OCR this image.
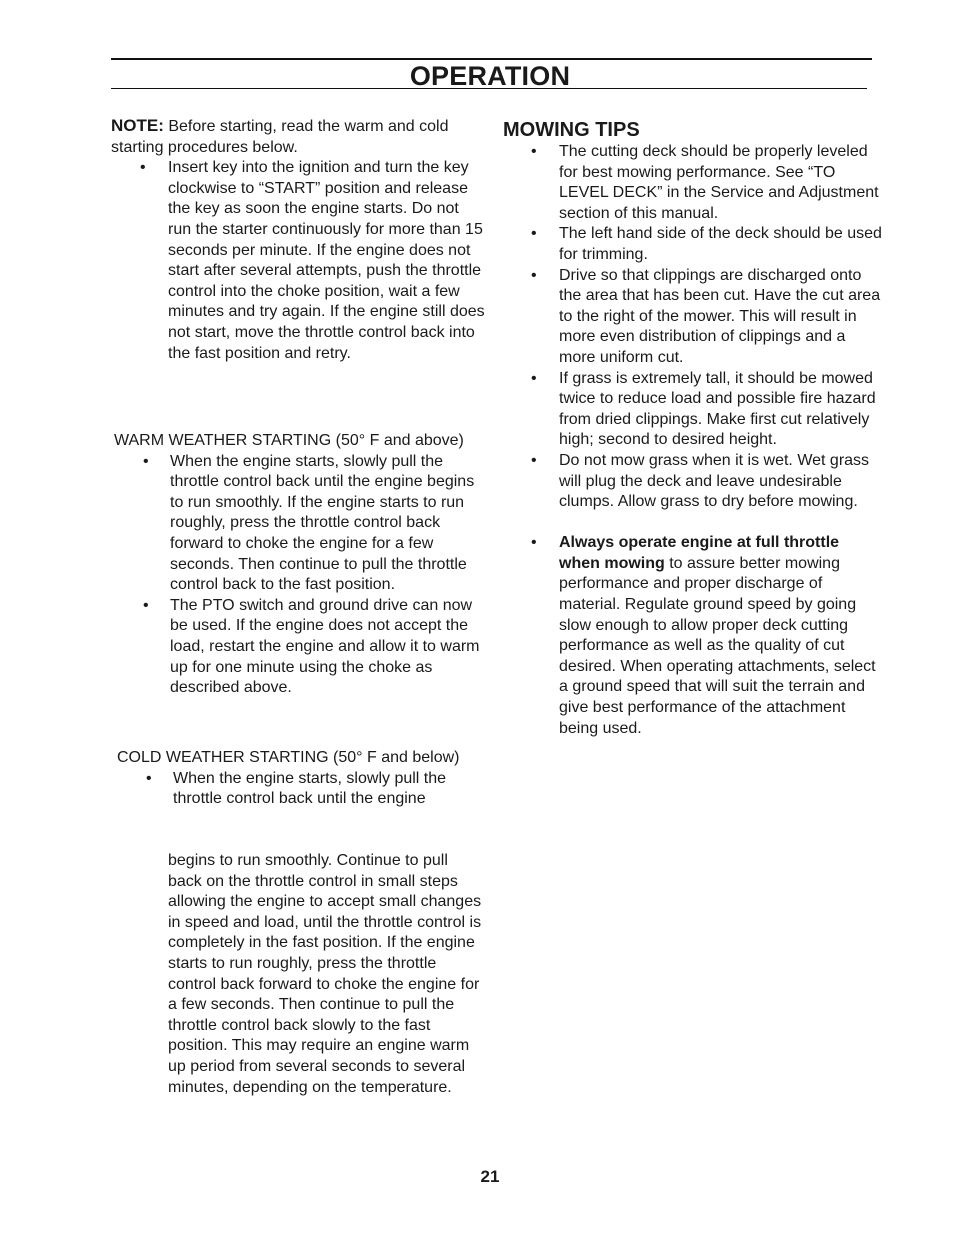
OPERATION

NOTE: Before starting, read the warm and cold starting procedures below.

• Insert key into the ignition and turn the key clockwise to “START” position and release the key as soon the engine starts. Do not run the starter continuously for more than 15 seconds per minute. If the engine does not start after several attempts, push the throttle control into the choke position, wait a few minutes and try again. If the engine still does not start, move the throttle control back into the fast position and retry.

WARM WEATHER STARTING (50° F and above)

• When the engine starts, slowly pull the throttle control back until the engine begins to run smoothly. If the engine starts to run roughly, press the throttle control back forward to choke the engine for a few seconds. Then continue to pull the throttle control back to the fast position.
• The PTO switch and ground drive can now be used. If the engine does not accept the load, restart the engine and allow it to warm up for one minute using the choke as described above.

COLD WEATHER STARTING (50° F and below)

• When the engine starts, slowly pull the throttle control back until the engine

begins to run smoothly. Continue to pull back on the throttle control in small steps allowing the engine to accept small changes in speed and load, until the throttle control is completely in the fast position. If the engine starts to run roughly, press the throttle control back forward to choke the engine for a few seconds. Then continue to pull the throttle control back slowly to the fast position. This may require an engine warm up period from several seconds to several minutes, depending on the temperature.

MOWING TIPS

• The cutting deck should be properly leveled for best mowing performance. See “TO LEVEL DECK” in the Service and Adjustment section of this manual.
• The left hand side of the deck should be used for trimming.
• Drive so that clippings are discharged onto the area that has been cut. Have the cut area to the right of the mower. This will result in more even distribution of clippings and a more uniform cut.
• If grass is extremely tall, it should be mowed twice to reduce load and possible fire hazard from dried clippings. Make first cut relatively high; second to desired height.
• Do not mow grass when it is wet. Wet grass will plug the deck and leave undesirable clumps. Allow grass to dry before mowing.
• Always operate engine at full throttle when mowing to assure better mowing performance and proper discharge of material. Regulate ground speed by going slow enough to allow proper deck cutting performance as well as the quality of cut desired. When operating attachments, select a ground speed that will suit the terrain and give best performance of the attachment being used.
21
